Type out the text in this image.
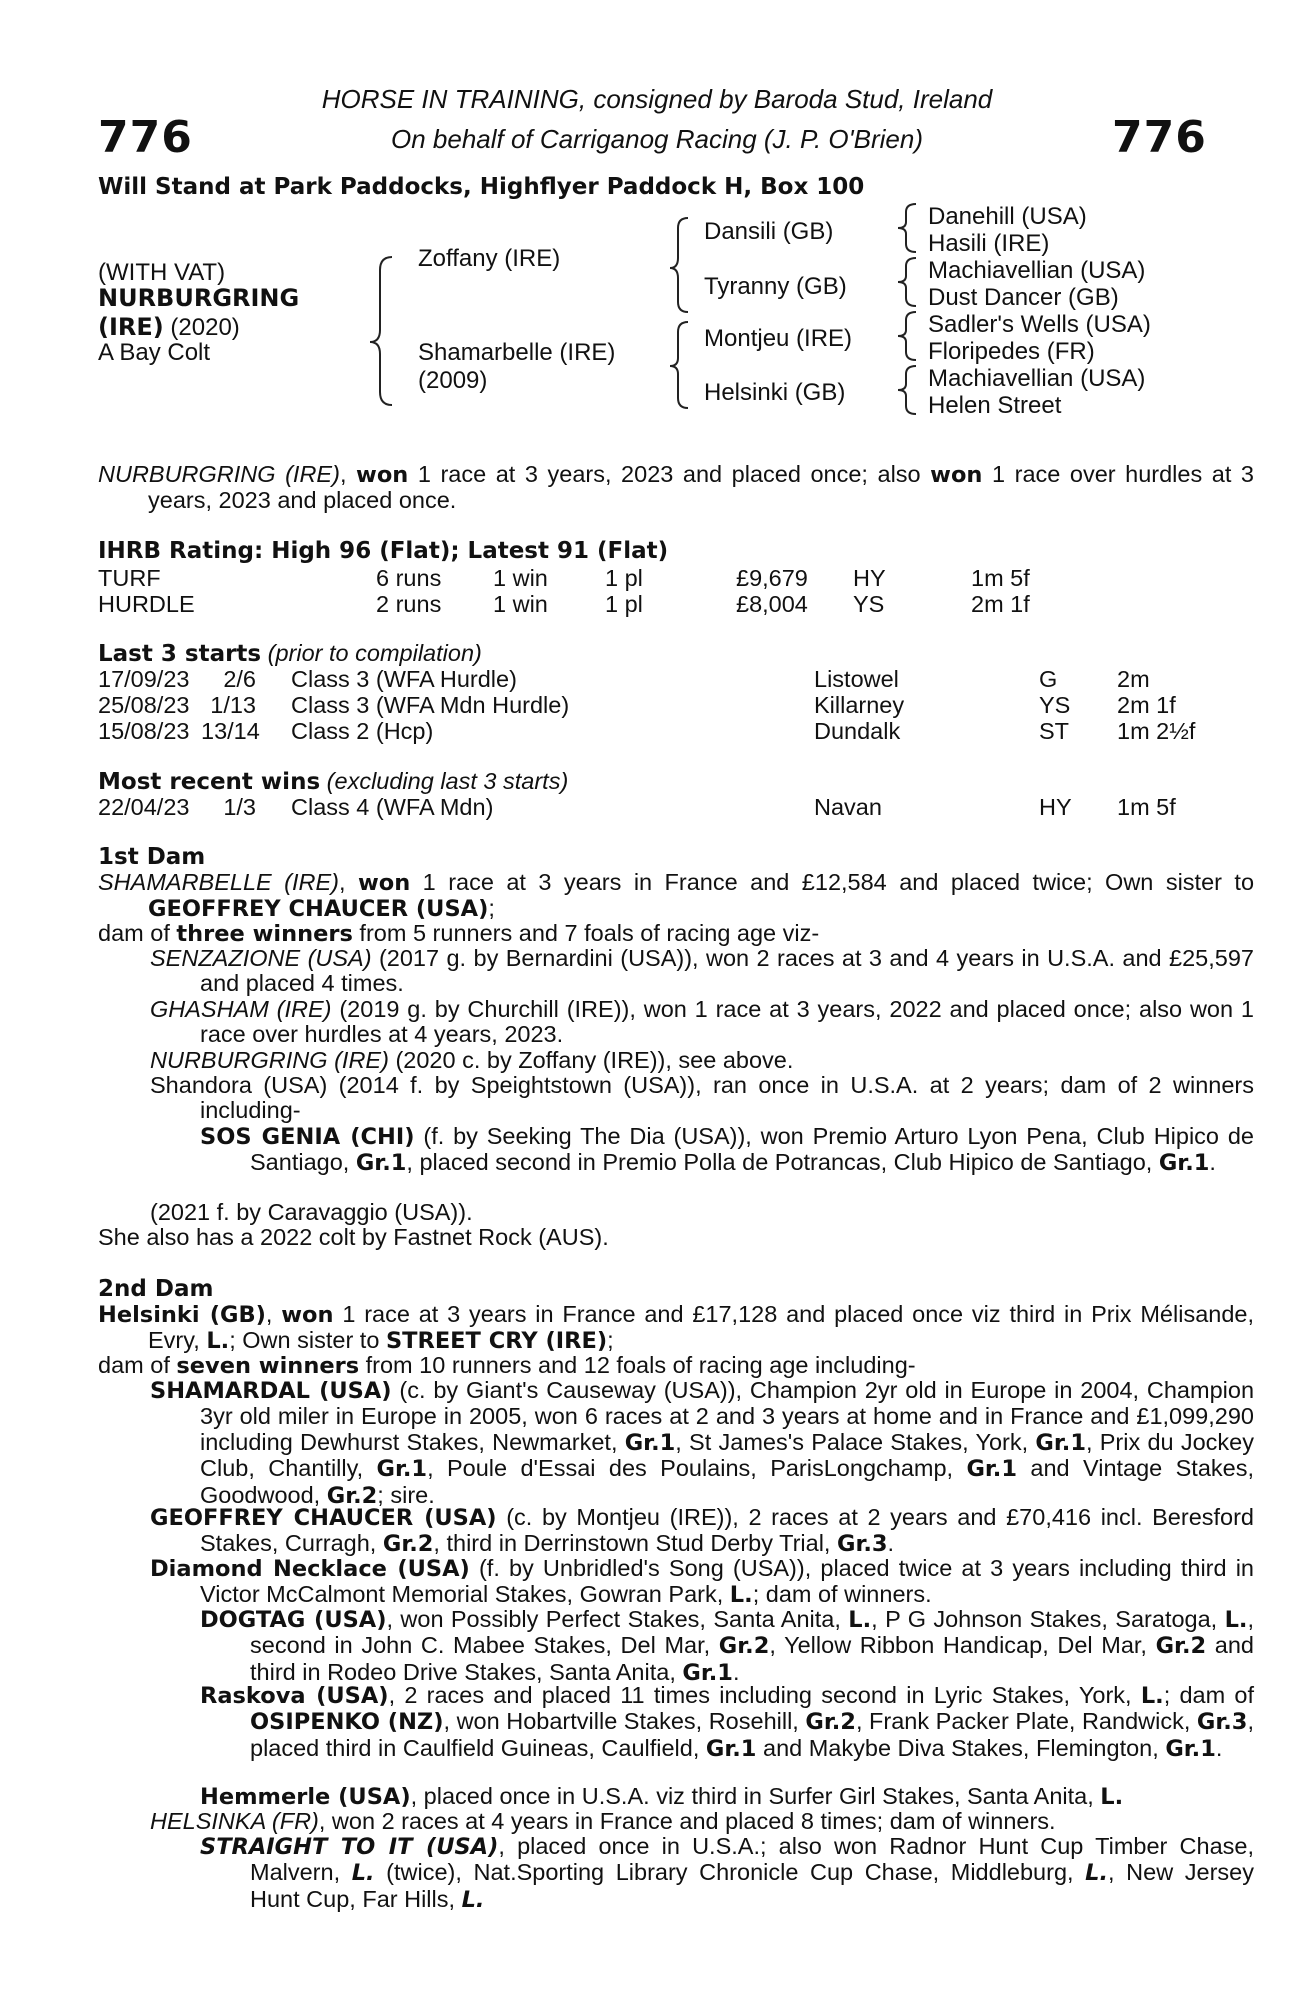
776	776
HORSE IN TRAINING, consigned by Baroda Stud, Ireland
On behalf of Carriganog Racing (J. P. O'Brien)
Will Stand at Park Paddocks, Highflyer Paddock H, Box 100
(WITH VAT)
NURBURGRING
(IRE) (2020)
A Bay Colt
Zoffany (IRE)
Shamarbelle (IRE)
(2009)
Dansili (GB)
Tyranny (GB)
Montjeu (IRE)
Helsinki (GB)
Danehill (USA)
Hasili (IRE)
Machiavellian (USA)
Dust Dancer (GB)
Sadler's Wells (USA)
Floripedes (FR)
Machiavellian (USA)
Helen Street
NURBURGRING (IRE), won 1 race at 3 years, 2023 and placed once; also won 1 race over hurdles at 3 years, 2023 and placed once.
IHRB Rating: High 96 (Flat); Latest 91 (Flat)
TURF	6 runs 1 win 1 pl	£9,679 HY	1m 5f
HURDLE	2 runs 1 win 1 pl	£8,004 YS	2m 1f
Last 3 starts (prior to compilation)
17/09/23	2/6 Class 3 (WFA Hurdle)	Listowel	G	2m
25/08/23 1/13 Class 3 (WFA Mdn Hurdle)	Killarney	YS 2m 1f
15/08/23 13/14 Class 2 (Hcp)	Dundalk	ST 1m 2½f
Most recent wins (excluding last 3 starts)
22/04/23	1/3 Class 4 (WFA Mdn)	Navan	HY 1m 5f
1st Dam
SHAMARBELLE (IRE), won 1 race at 3 years in France and £12,584 and placed twice; Own sister to GEOFFREY CHAUCER (USA);
dam of three winners from 5 runners and 7 foals of racing age viz-
SENZAZIONE (USA) (2017 g. by Bernardini (USA)), won 2 races at 3 and 4 years in U.S.A. and £25,597 and placed 4 times.
GHASHAM (IRE) (2019 g. by Churchill (IRE)), won 1 race at 3 years, 2022 and placed once; also won 1 race over hurdles at 4 years, 2023.
NURBURGRING (IRE) (2020 c. by Zoffany (IRE)), see above.
Shandora (USA) (2014 f. by Speightstown (USA)), ran once in U.S.A. at 2 years; dam of 2 winners including-
SOS GENIA (CHI) (f. by Seeking The Dia (USA)), won Premio Arturo Lyon Pena, Club Hipico de Santiago, Gr.1, placed second in Premio Polla de Potrancas, Club Hipico de Santiago, Gr.1.
(2021 f. by Caravaggio (USA)).
She also has a 2022 colt by Fastnet Rock (AUS).
2nd Dam
Helsinki (GB), won 1 race at 3 years in France and £17,128 and placed once viz third in Prix Mélisande, Evry, L.; Own sister to STREET CRY (IRE);
dam of seven winners from 10 runners and 12 foals of racing age including-
SHAMARDAL (USA) (c. by Giant's Causeway (USA)), Champion 2yr old in Europe in 2004, Champion 3yr old miler in Europe in 2005, won 6 races at 2 and 3 years at home and in France and £1,099,290 including Dewhurst Stakes, Newmarket, Gr.1, St James's Palace Stakes, York, Gr.1, Prix du Jockey Club, Chantilly, Gr.1, Poule d'Essai des Poulains, ParisLongchamp, Gr.1 and Vintage Stakes, Goodwood, Gr.2; sire.
GEOFFREY CHAUCER (USA) (c. by Montjeu (IRE)), 2 races at 2 years and £70,416 incl. Beresford Stakes, Curragh, Gr.2, third in Derrinstown Stud Derby Trial, Gr.3.
Diamond Necklace (USA) (f. by Unbridled's Song (USA)), placed twice at 3 years including third in Victor McCalmont Memorial Stakes, Gowran Park, L.; dam of winners.
DOGTAG (USA), won Possibly Perfect Stakes, Santa Anita, L., P G Johnson Stakes, Saratoga, L., second in John C. Mabee Stakes, Del Mar, Gr.2, Yellow Ribbon Handicap, Del Mar, Gr.2 and third in Rodeo Drive Stakes, Santa Anita, Gr.1.
Raskova (USA), 2 races and placed 11 times including second in Lyric Stakes, York, L.; dam of OSIPENKO (NZ), won Hobartville Stakes, Rosehill, Gr.2, Frank Packer Plate, Randwick, Gr.3, placed third in Caulfield Guineas, Caulfield, Gr.1 and Makybe Diva Stakes, Flemington, Gr.1.
Hemmerle (USA), placed once in U.S.A. viz third in Surfer Girl Stakes, Santa Anita, L.
HELSINKA (FR), won 2 races at 4 years in France and placed 8 times; dam of winners.
STRAIGHT TO IT (USA), placed once in U.S.A.; also won Radnor Hunt Cup Timber Chase, Malvern, L. (twice), Nat.Sporting Library Chronicle Cup Chase, Middleburg, L., New Jersey Hunt Cup, Far Hills, L.
